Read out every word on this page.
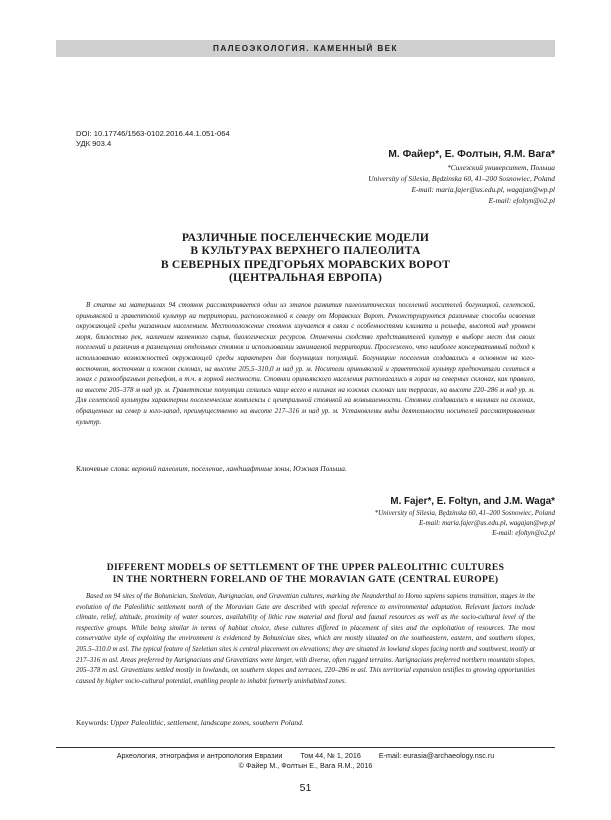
ПАЛЕОЭКОЛОГИЯ. КАМЕННЫЙ ВЕК
DOI: 10.17746/1563-0102.2016.44.1.051-064
УДК 903.4
М. Файер*, Е. Фолтын, Я.М. Вага*
*Силезский университет, Польша
University of Silesia, Będzinska 60, 41–200 Sosnowiec, Poland
E-mail: maria.fajer@us.edu.pl, wagajan@wp.pl
E-mail: efoltyn@o2.pl
РАЗЛИЧНЫЕ ПОСЕЛЕНЧЕСКИЕ МОДЕЛИ
В КУЛЬТУРАХ ВЕРХНЕГО ПАЛЕОЛИТА
В СЕВЕРНЫХ ПРЕДГОРЬЯХ МОРАВСКИХ ВОРОТ
(ЦЕНТРАЛЬНАЯ ЕВРОПА)

В статье на материалах 94 стоянок рассматривается один из этапов развития палеолитических поселений носителей богуницкой, селетской, ориньякской и граветтской культур на территории, расположенной к северу от Моравских Ворот. Реконструируются различные способы освоения окружающей среды указанным населением. Местоположение стоянок изучается в связи с особенностями климата и рельефа, высотой над уровнем моря, близостью рек, наличием каменного сырья, биологических ресурсов. Отмечены сходство представителей культур в выборе мест для своих поселений и различия в размещении отдельных стоянок и использовании занимаемой территории. Прослежено, что наиболее консервативный подход к использованию возможностей окружающей среды характерен для богуницких популяций. Богуницкие поселения создавались в основном на юго-восточном, восточном и южном склонах, на высоте 205,5–310,0 м над ур. м. Носители ориньякской и граветтской культур предпочитали селиться в зонах с разнообразным рельефом, в т.ч. в горной местности. Стоянки ориньякского населения располагались в горах на северных склонах, как правило, на высоте 205–378 м над ур. м. Граветтские популяции селились чаще всего в низинах на южных склонах или террасах, на высоте 220–286 м над ур. м. Для селетской культуры характерны поселенческие комплексы с центральной стоянкой на возвышенности. Стоянки создавались в низинах на склонах, обращенных на север и юго-запад, преимущественно на высоте 217–316 м над ур. м. Установлены виды деятельности носителей рассматриваемых культур.

Ключевые слова: верхний палеолит, поселение, ландшафтные зоны, Южная Польша.
M. Fajer*, E. Foltyn, and J.M. Waga*
*University of Silesia, Będzinska 60, 41–200 Sosnowiec, Poland
E-mail: maria.fajer@us.edu.pl, wagajan@wp.pl
E-mail: efoltyn@o2.pl
DIFFERENT MODELS OF SETTLEMENT OF THE UPPER PALEOLITHIC CULTURES
IN THE NORTHERN FORELAND OF THE MORAVIAN GATE (CENTRAL EUROPE)

Based on 94 sites of the Bohunician, Szeletian, Aurignacian, and Gravettian cultures, marking the Neanderthal to Homo sapiens sapiens transition, stages in the evolution of the Paleolithic settlement north of the Moravian Gate are described with special reference to environmental adaptation. Relevant factors include climate, relief, altitude, proximity of water sources, availability of lithic raw material and floral and faunal resources as well as the socio-cultural level of the respective groups. While being similar in terms of habitat choice, these cultures differed in placement of sites and the exploitation of resources. The most conservative style of exploiting the environment is evidenced by Bohunician sites, which are mostly situated on the southeastern, eastern, and southern slopes, 205.5–310.0 m asl. The typical feature of Szeletian sites is central placement on elevations; they are situated in lowland slopes facing north and southwest, mostly at 217–316 m asl. Areas preferred by Aurignacians and Gravettians were larger, with diverse, often rugged terrains. Aurignacians preferred northern mountain slopes, 205–378 m asl. Gravettians settled mostly in lowlands, on southern slopes and terraces, 220–286 m asl. This territorial expansion testifies to growing opportunities caused by higher socio-cultural potential, enabling people to inhabit formerly uninhabited zones.

Keywords: Upper Paleolithic, settlement, landscape zones, southern Poland.
Археология, этнография и антропология Евразии	Том 44, № 1, 2016	E-mail: eurasia@archaeology.nsc.ru
© Файер М., Фолтын Е., Вага Я.М., 2016
51
